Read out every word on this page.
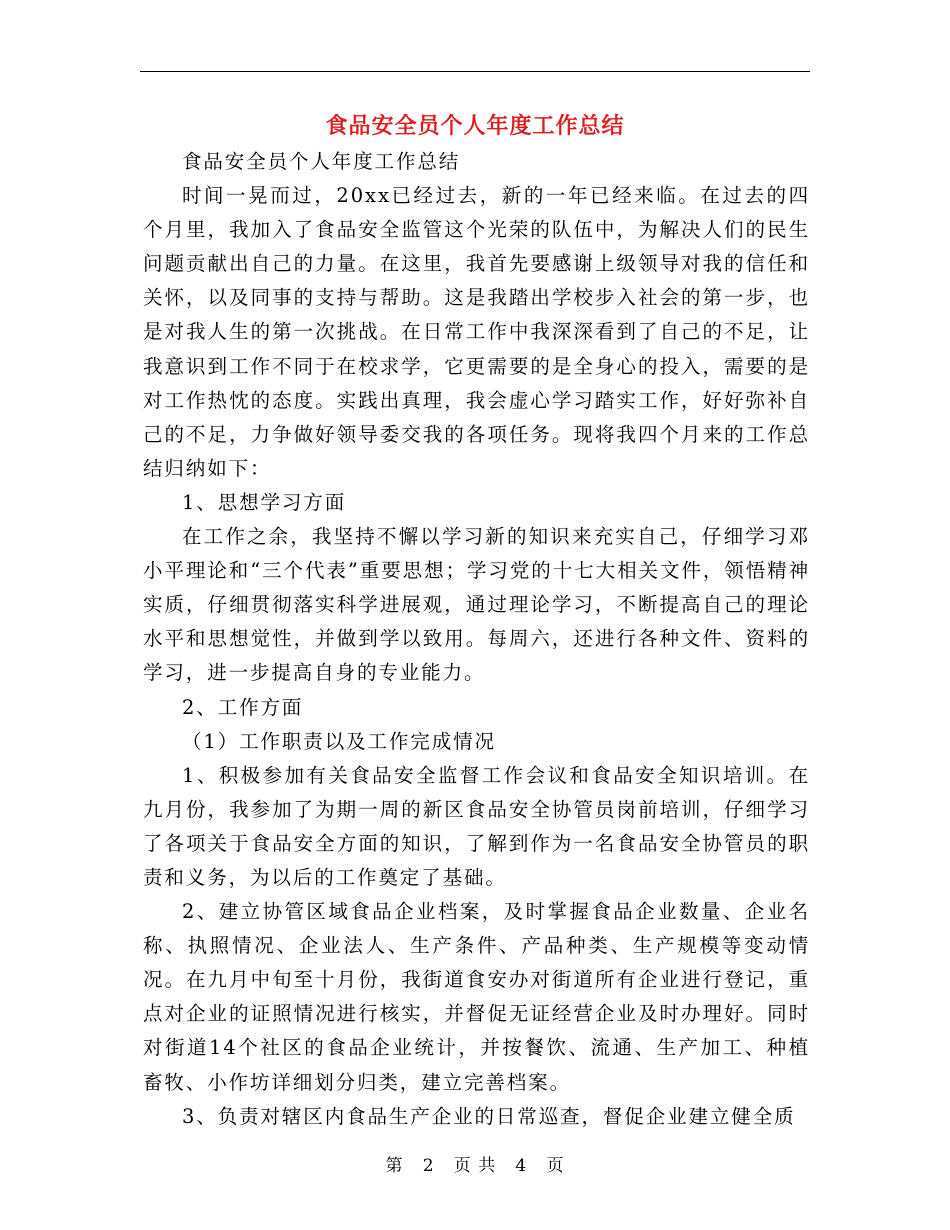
食品安全员个人年度工作总结

食品安全员个人年度工作总结

时间一晃而过，20xx已经过去，新的一年已经来临。在过去的四个月里，我加入了食品安全监管这个光荣的队伍中，为解决人们的民生问题贡献出自己的力量。在这里，我首先要感谢上级领导对我的信任和关怀，以及同事的支持与帮助。这是我踏出学校步入社会的第一步，也是对我人生的第一次挑战。在日常工作中我深深看到了自己的不足，让我意识到工作不同于在校求学，它更需要的是全身心的投入，需要的是对工作热忱的态度。实践出真理，我会虚心学习踏实工作，好好弥补自己的不足，力争做好领导委交我的各项任务。现将我四个月来的工作总结归纳如下：

1、思想学习方面

在工作之余，我坚持不懈以学习新的知识来充实自己，仔细学习邓小平理论和“三个代表”重要思想；学习党的十七大相关文件，领悟精神实质，仔细贯彻落实科学进展观，通过理论学习，不断提高自己的理论水平和思想觉性，并做到学以致用。每周六，还进行各种文件、资料的学习，进一步提高自身的专业能力。

2、工作方面

（1）工作职责以及工作完成情况

1、积极参加有关食品安全监督工作会议和食品安全知识培训。在九月份，我参加了为期一周的新区食品安全协管员岗前培训，仔细学习了各项关于食品安全方面的知识，了解到作为一名食品安全协管员的职责和义务，为以后的工作奠定了基础。

2、建立协管区域食品企业档案，及时掌握食品企业数量、企业名称、执照情况、企业法人、生产条件、产品种类、生产规模等变动情况。在九月中旬至十月份，我街道食安办对街道所有企业进行登记，重点对企业的证照情况进行核实，并督促无证经营企业及时办理好。同时对街道14个社区的食品企业统计，并按餐饮、流通、生产加工、种植畜牧、小作坊详细划分归类，建立完善档案。

3、负责对辖区内食品生产企业的日常巡查，督促企业建立健全质

第 2 页 共 4 页
